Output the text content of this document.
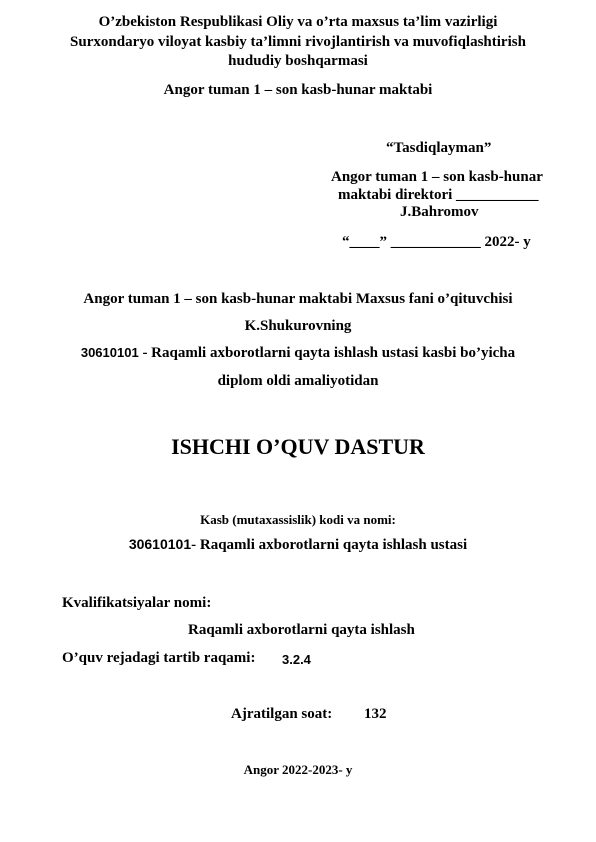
O’zbekiston Respublikasi Oliy va o’rta maxsus ta’lim vazirligi
Surxondaryo viloyat kasbiy ta’limni rivojlantirish va muvofiqlashtirish
hududiy boshqarmasi
Angor tuman 1 – son kasb-hunar maktabi
“Tasdiqlayman”
Angor tuman 1 – son kasb-hunar
maktabi direktori ___________
J.Bahromov
“____” ____________ 2022- y
Angor tuman 1 – son kasb-hunar maktabi Maxsus fani o’qituvchisi
K.Shukurovning
30610101 - Raqamli axborotlarni qayta ishlash ustasi kasbi bo’yicha
diplom oldi amaliyotidan
ISHCHI O’QUV DASTUR
Kasb (mutaxassislik) kodi va nomi:
30610101- Raqamli axborotlarni qayta ishlash ustasi
Kvalifikatsiyalar nomi:
Raqamli axborotlarni qayta ishlash
O’quv rejadagi tartib raqami: 3.2.4
Ajratilgan soat: 132
Angor 2022-2023- y
